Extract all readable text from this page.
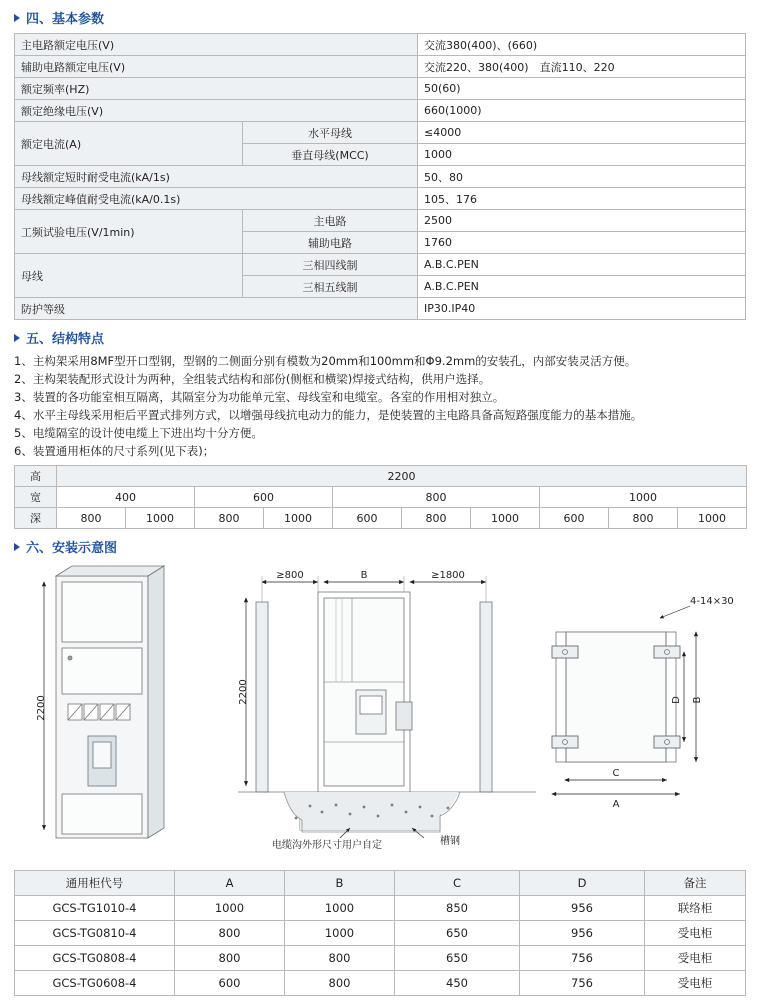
四、基本参数
主电路额定电压(V)		交流380(400)、(660)
辅助电路额定电压(V)		交流220、380(400)　直流110、220
额定频率(HZ)		50(60)
额定绝缘电压(V)		660(1000)
额定电流(A)	水平母线	≤4000
	垂直母线(MCC)	1000
母线额定短时耐受电流(kA/1s)		50、80
母线额定峰值耐受电流(kA/0.1s)		105、176
工频试验电压(V/1min)	主电路	2500
	辅助电路	1760
母线	三相四线制	A.B.C.PEN
	三相五线制	A.B.C.PEN
防护等级		IP30.IP40
五、结构特点

1、主构架采用8MF型开口型钢，型钢的二侧面分别有模数为20mm和100mm和Φ9.2mm的安装孔，内部安装灵活方便。

2、主构架装配形式设计为两种，全组装式结构和部份(侧框和横梁)焊接式结构，供用户选择。

3、装置的各功能室相互隔离，其隔室分为功能单元室、母线室和电缆室。各室的作用相对独立。

4、水平主母线采用柜后平置式排列方式，以增强母线抗电动力的能力，是使装置的主电路具备高短路强度能力的基本措施。

5、电缆隔室的设计使电缆上下进出均十分方便。

6、装置通用柜体的尺寸系列(见下表)；

高	2200									
宽	400		600		800			1000		
深	800	1000	800	1000	600	800	1000	600	800	1000
六、安装示意图
≥800	B	≥1800
2200
电缆沟外形尺寸用户自定	槽钢
2200	B
D
C
A
4-14×30
通用柜代号	A	B	C	D	备注
GCS-TG1010-4	1000	1000	850	956	联络柜
GCS-TG0810-4	800	1000	650	956	受电柜
GCS-TG0808-4	800	800	650	756	受电柜
GCS-TG0608-4	600	800	450	756	受电柜
